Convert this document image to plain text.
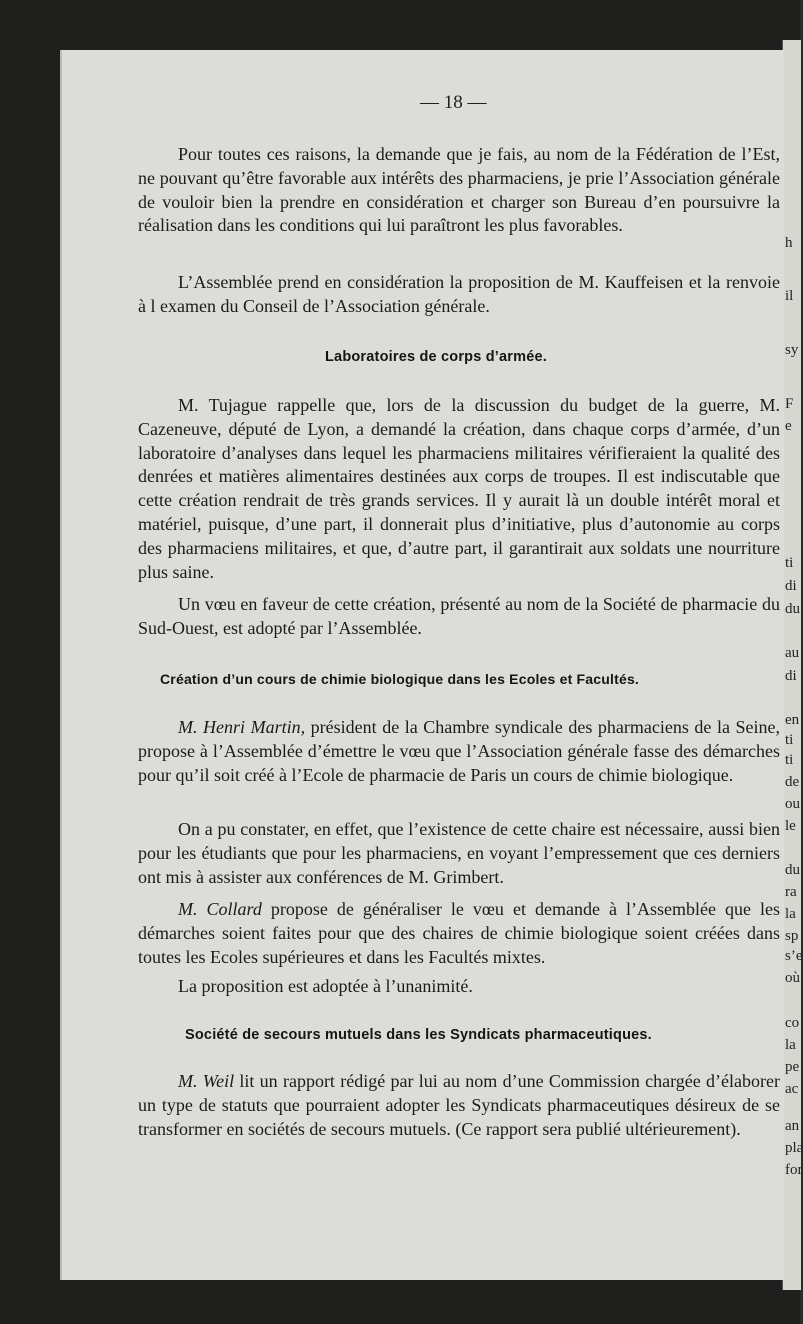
h
il
sy
F
e
ti
di
du
au
di
en
ti
ti
de
ou
le
du
ra
la
sp
s’e
où
co
la
pe
ac
an
pla
for
— 18 —
Pour toutes ces raisons, la demande que je fais, au nom de la Fédération de l’Est, ne pouvant qu’être favorable aux intérêts des pharmaciens, je prie l’Association générale de vouloir bien la prendre en considération et charger son Bureau d’en poursuivre la réalisation dans les conditions qui lui paraîtront les plus favorables.
L’Assemblée prend en considération la proposition de M. Kauffeisen et la renvoie à l examen du Conseil de l’Association générale.
Laboratoires de corps d’armée.
M. Tujague rappelle que, lors de la discussion du budget de la guerre, M. Cazeneuve, député de Lyon, a demandé la création, dans chaque corps d’armée, d’un laboratoire d’analyses dans lequel les pharmaciens militaires vérifieraient la qualité des denrées et matières alimentaires destinées aux corps de troupes. Il est indiscutable que cette création rendrait de très grands services. Il y aurait là un double intérêt moral et matériel, puisque, d’une part, il donnerait plus d’initiative, plus d’autonomie au corps des pharmaciens militaires, et que, d’autre part, il garantirait aux soldats une nourriture plus saine.
Un vœu en faveur de cette création, présenté au nom de la Société de pharmacie du Sud-Ouest, est adopté par l’Assemblée.
Création d’un cours de chimie biologique dans les Ecoles et Facultés.
M. Henri Martin, président de la Chambre syndicale des pharmaciens de la Seine, propose à l’Assemblée d’émettre le vœu que l’Association générale fasse des démarches pour qu’il soit créé à l’Ecole de pharmacie de Paris un cours de chimie biologique.
On a pu constater, en effet, que l’existence de cette chaire est nécessaire, aussi bien pour les étudiants que pour les pharmaciens, en voyant l’empressement que ces derniers ont mis à assister aux conférences de M. Grimbert.
M. Collard propose de généraliser le vœu et demande à l’Assemblée que les démarches soient faites pour que des chaires de chimie biologique soient créées dans toutes les Ecoles supérieures et dans les Facultés mixtes.
La proposition est adoptée à l’unanimité.
Société de secours mutuels dans les Syndicats pharmaceutiques.
M. Weil lit un rapport rédigé par lui au nom d’une Commission chargée d’élaborer un type de statuts que pourraient adopter les Syndicats pharmaceutiques désireux de se transformer en sociétés de secours mutuels. (Ce rapport sera publié ultérieurement).
